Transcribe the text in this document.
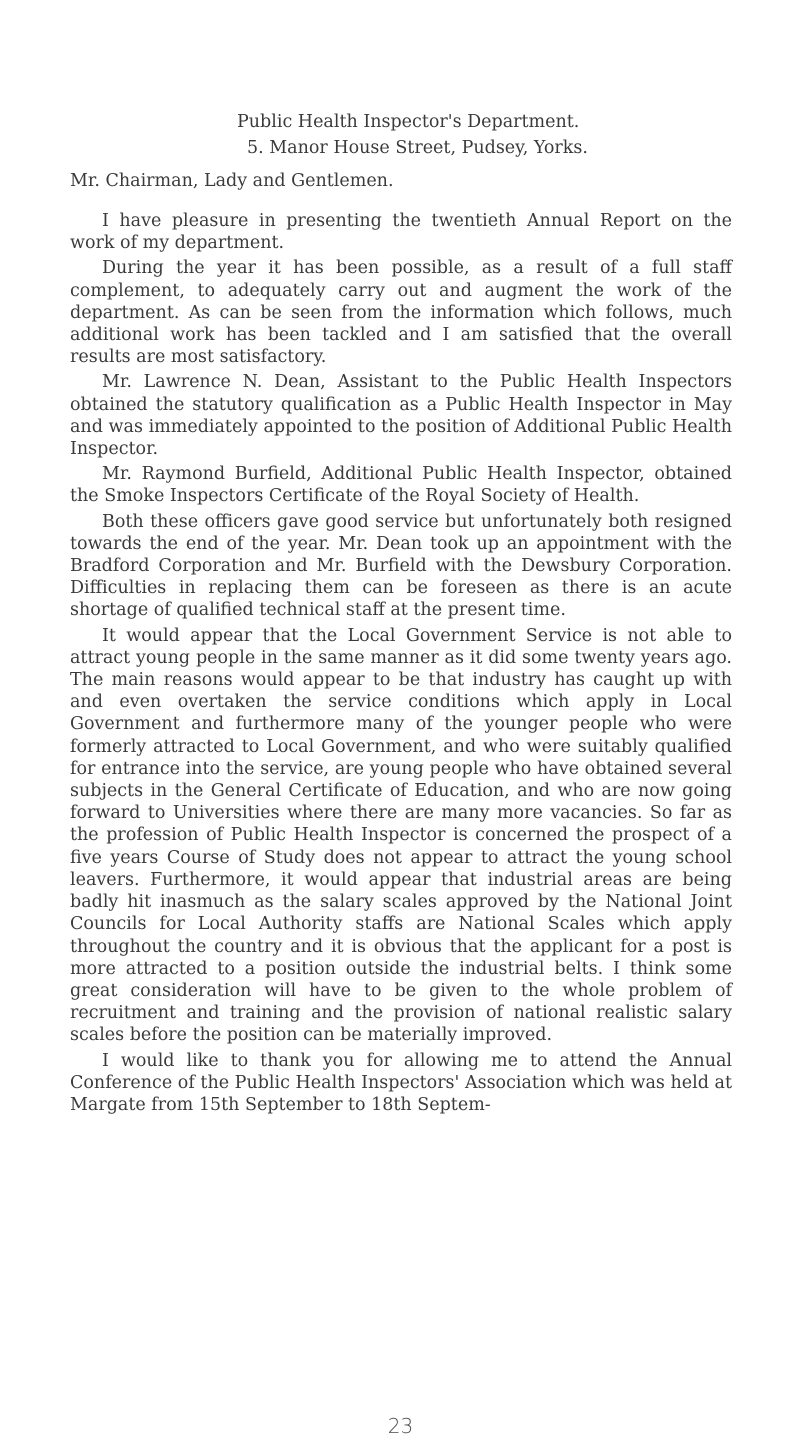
Public Health Inspector's Department.
5. Manor House Street, Pudsey, Yorks.
Mr. Chairman, Lady and Gentlemen.

I have pleasure in presenting the twentieth Annual Report on the work of my department.

During the year it has been possible, as a result of a full staff complement, to adequately carry out and augment the work of the department. As can be seen from the information which follows, much additional work has been tackled and I am satisfied that the overall results are most satisfactory.

Mr. Lawrence N. Dean, Assistant to the Public Health Inspectors obtained the statutory qualification as a Public Health Inspector in May and was immediately appointed to the position of Additional Public Health Inspector.

Mr. Raymond Burfield, Additional Public Health Inspector, obtained the Smoke Inspectors Certificate of the Royal Society of Health.

Both these officers gave good service but unfortunately both resigned towards the end of the year. Mr. Dean took up an appointment with the Bradford Corporation and Mr. Burfield with the Dewsbury Corporation. Difficulties in replacing them can be foreseen as there is an acute shortage of qualified technical staff at the present time.

It would appear that the Local Government Service is not able to attract young people in the same manner as it did some twenty years ago. The main reasons would appear to be that industry has caught up with and even overtaken the service conditions which apply in Local Government and furthermore many of the younger people who were formerly attracted to Local Government, and who were suitably qualified for entrance into the service, are young people who have obtained several subjects in the General Certificate of Education, and who are now going forward to Universities where there are many more vacancies. So far as the profession of Public Health Inspector is concerned the prospect of a five years Course of Study does not appear to attract the young school leavers. Furthermore, it would appear that industrial areas are being badly hit inasmuch as the salary scales approved by the National Joint Councils for Local Authority staffs are National Scales which apply throughout the country and it is obvious that the applicant for a post is more attracted to a position outside the industrial belts. I think some great consideration will have to be given to the whole problem of recruitment and training and the provision of national realistic salary scales before the position can be materially improved.

I would like to thank you for allowing me to attend the Annual Conference of the Public Health Inspectors' Association which was held at Margate from 15th September to 18th Septem-

23
